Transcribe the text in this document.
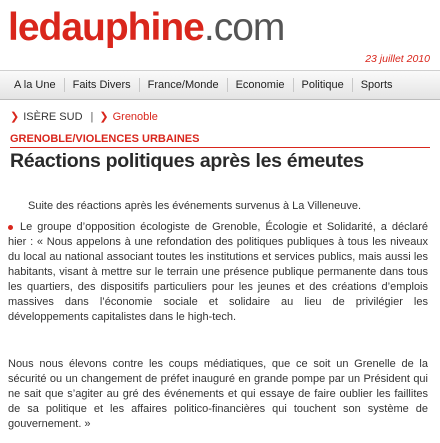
ledauphine.com
23 juillet 2010
A la Une	Faits Divers	France/Monde	Economie	Politique	Sports
❯ ISÈRE SUD | ❯ Grenoble
GRENOBLE/VIOLENCES URBAINES
Réactions politiques après les émeutes
Suite des réactions après les événements survenus à La Villeneuve.

Le groupe d’opposition écologiste de Grenoble, Écologie et Solidarité, a déclaré hier : « Nous appelons à une refondation des politiques publiques à tous les niveaux du local au national associant toutes les institutions et services publics, mais aussi les habitants, visant à mettre sur le terrain une présence publique permanente dans tous les quartiers, des dispositifs particuliers pour les jeunes et des créations d’emplois massives dans l’économie sociale et solidaire au lieu de privilégier les développements capitalistes dans le high-tech.

Nous nous élevons contre les coups médiatiques, que ce soit un Grenelle de la sécurité ou un changement de préfet inauguré en grande pompe par un Président qui ne sait que s’agiter au gré des événements et qui essaye de faire oublier les faillites de sa politique et les affaires politico-financières qui touchent son système de gouvernement. »
